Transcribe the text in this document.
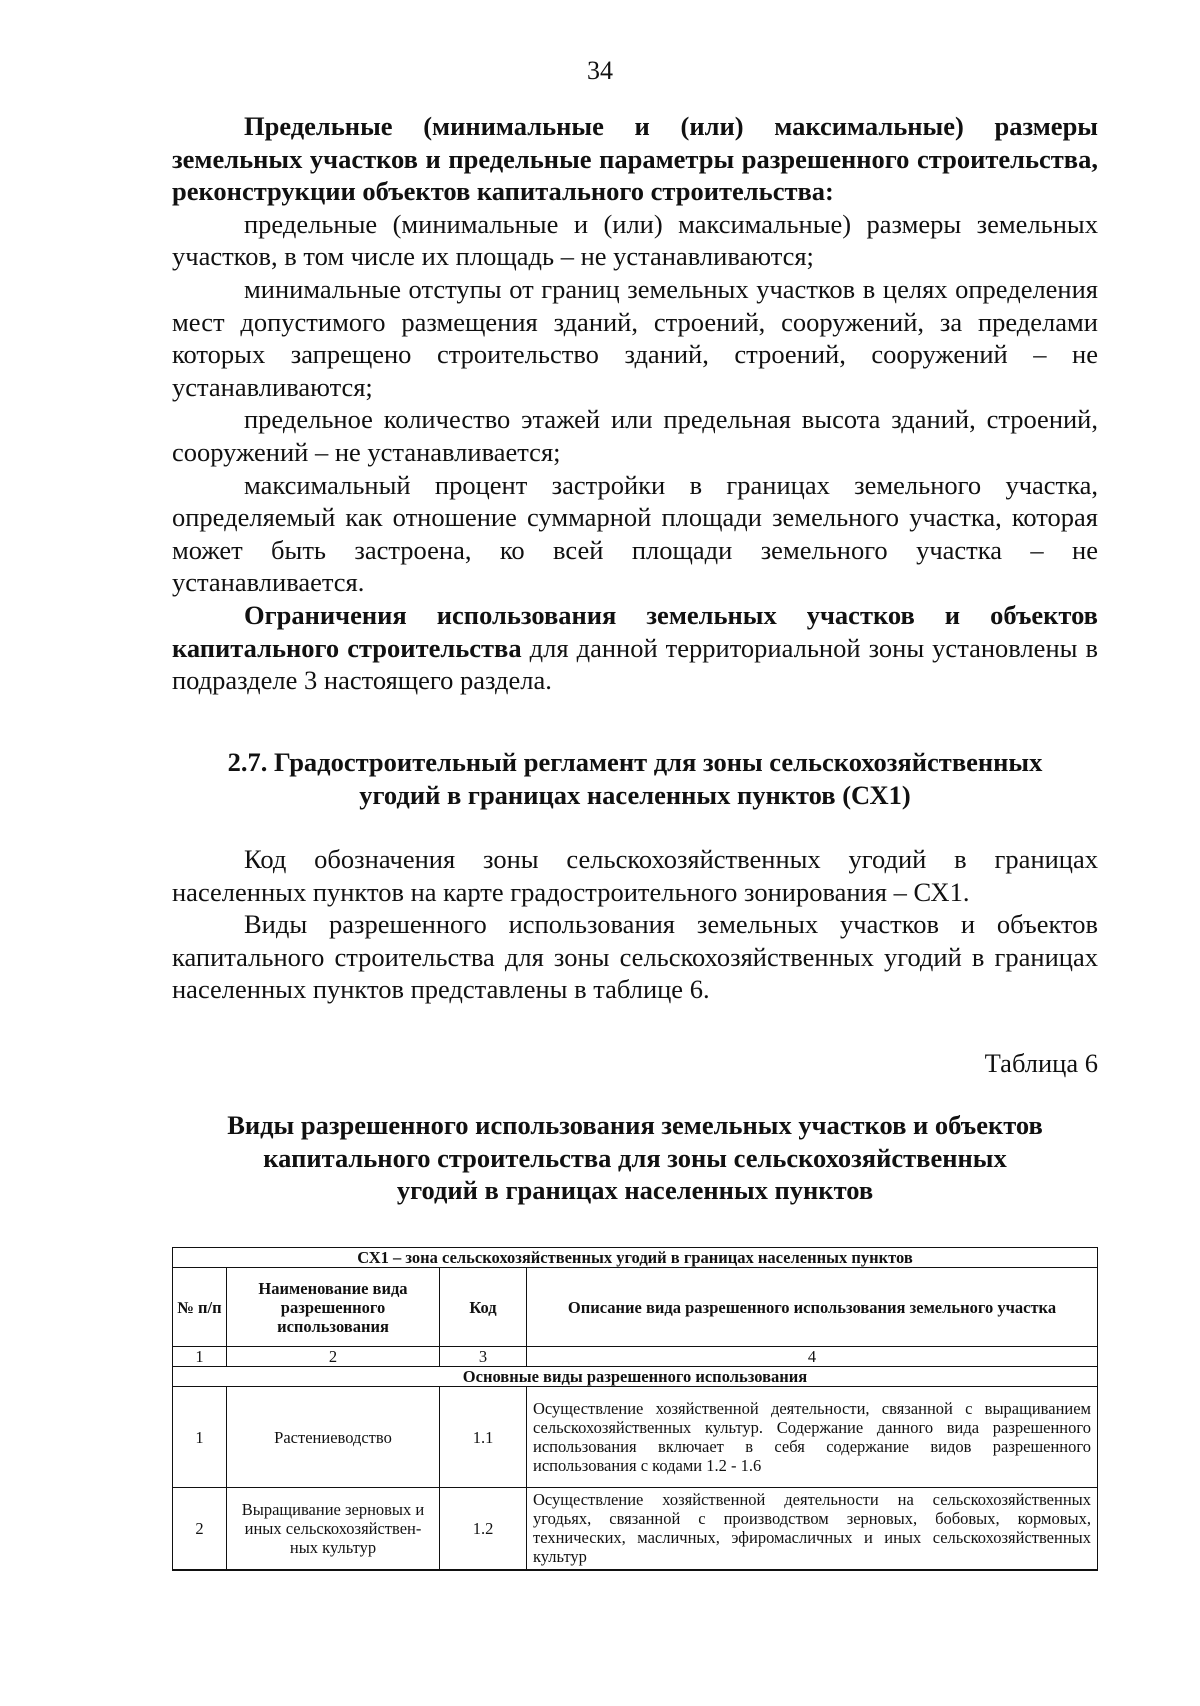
34

Предельные (минимальные и (или) максимальные) размеры земельных участков и предельные параметры разрешенного строительства, реконструкции объектов капитального строительства:

предельные (минимальные и (или) максимальные) размеры земельных участков, в том числе их площадь – не устанавливаются;

минимальные отступы от границ земельных участков в целях определения мест допустимого размещения зданий, строений, сооружений, за пределами которых запрещено строительство зданий, строений, сооружений – не устанавливаются;

предельное количество этажей или предельная высота зданий, строений, сооружений – не устанавливается;

максимальный процент застройки в границах земельного участка, определяемый как отношение суммарной площади земельного участка, которая может быть застроена, ко всей площади земельного участка – не устанавливается.

Ограничения использования земельных участков и объектов капитального строительства для данной территориальной зоны установлены в подразделе 3 настоящего раздела.

2.7. Градостроительный регламент для зоны сельскохозяйственных
угодий в границах населенных пунктов (СХ1)

Код обозначения зоны сельскохозяйственных угодий в границах населенных пунктов на карте градостроительного зонирования – СХ1.

Виды разрешенного использования земельных участков и объектов капитального строительства для зоны сельскохозяйственных угодий в границах населенных пунктов представлены в таблице 6.

Таблица 6
Виды разрешенного использования земельных участков и объектов
капитального строительства для зоны сельскохозяйственных
угодий в границах населенных пунктов
СХ1 – зона сельскохозяйственных угодий в границах населенных пунктов			
№ п/п	Наименование вида разрешенного использования	Код	Описание вида разрешенного использования земельного участка
1	2	3	4
Основные виды разрешенного использования			
1	Растениеводство	1.1	Осуществление хозяйственной деятельности, связанной с выращиванием сельскохозяйственных культур. Содержание данного вида разрешенного использования включает в себя содержание видов разрешенного использования с кодами 1.2 - 1.6
2	Выращивание зерновых и иных сельскохозяйствен-ных культур	1.2	Осуществление хозяйственной деятельности на сельскохозяйственных угодьях, связанной с производством зерновых, бобовых, кормовых, технических, масличных, эфиромасличных и иных сельскохозяйственных культур
